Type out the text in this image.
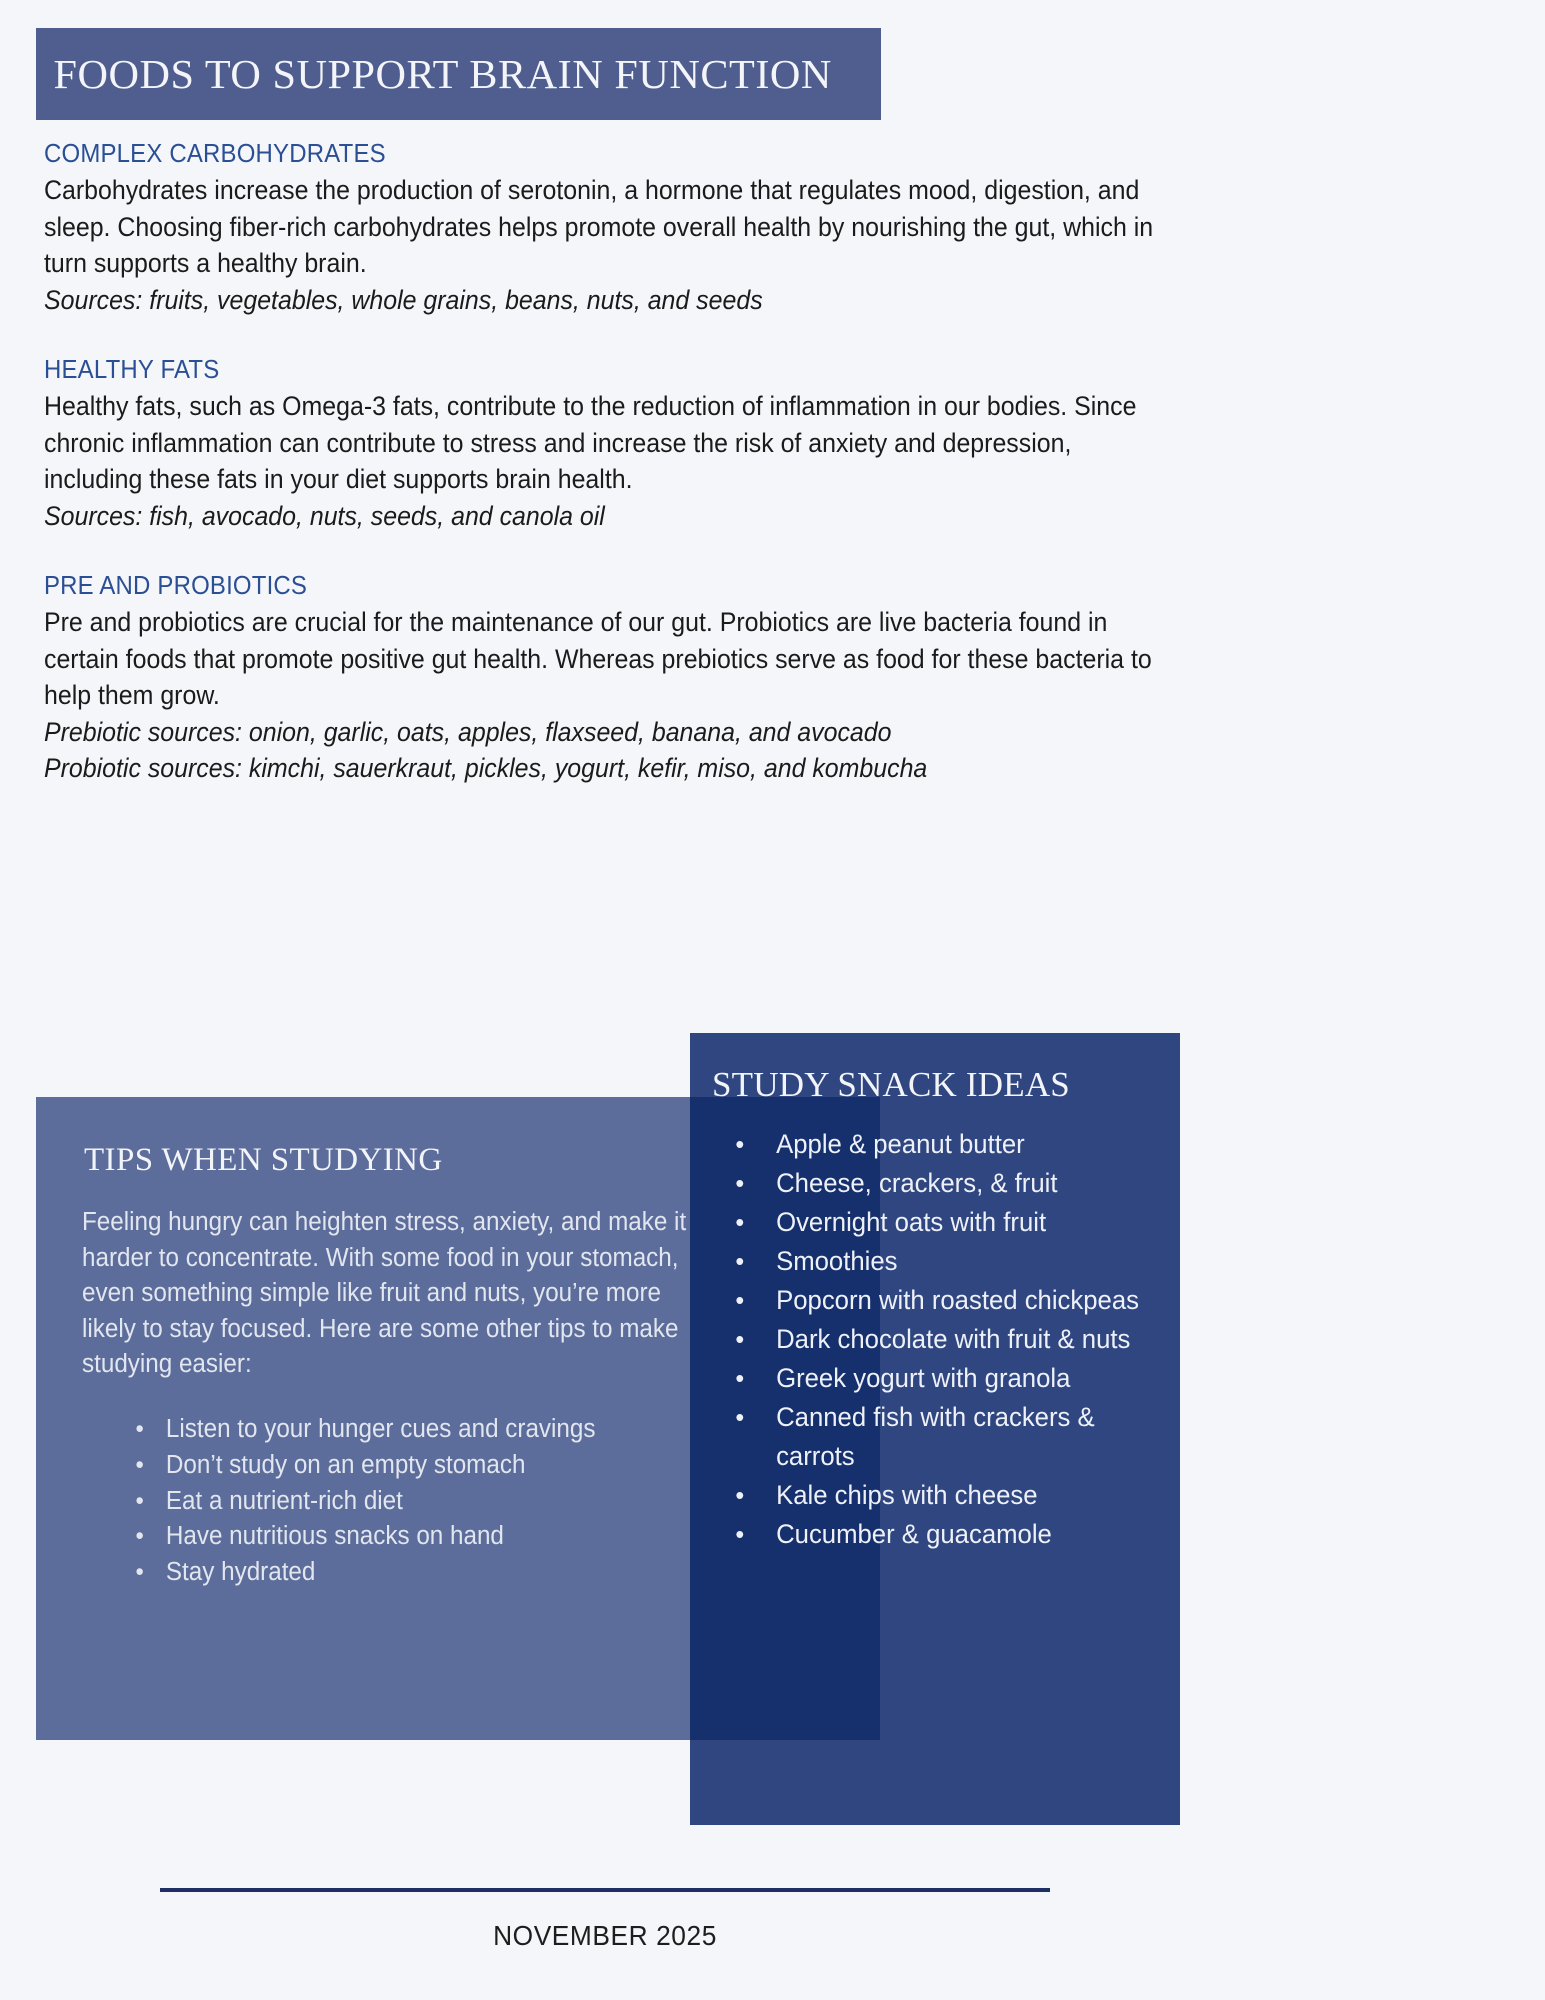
FOODS TO SUPPORT BRAIN FUNCTION
COMPLEX CARBOHYDRATES
Carbohydrates increase the production of serotonin, a hormone that regulates mood, digestion, and sleep. Choosing fiber-rich carbohydrates helps promote overall health by nourishing the gut, which in turn supports a healthy brain.
Sources: fruits, vegetables, whole grains, beans, nuts, and seeds
HEALTHY FATS
Healthy fats, such as Omega-3 fats, contribute to the reduction of inflammation in our bodies. Since chronic inflammation can contribute to stress and increase the risk of anxiety and depression, including these fats in your diet supports brain health.
Sources: fish, avocado, nuts, seeds, and canola oil
PRE AND PROBIOTICS
Pre and probiotics are crucial for the maintenance of our gut. Probiotics are live bacteria found in certain foods that promote positive gut health. Whereas prebiotics serve as food for these bacteria to help them grow.
Prebiotic sources: onion, garlic, oats, apples, flaxseed, banana, and avocado
Probiotic sources: kimchi, sauerkraut, pickles, yogurt, kefir, miso, and kombucha
TIPS WHEN STUDYING
Feeling hungry can heighten stress, anxiety, and make it harder to concentrate. With some food in your stomach, even something simple like fruit and nuts, you’re more likely to stay focused. Here are some other tips to make studying easier:
• Listen to your hunger cues and cravings
• Don’t study on an empty stomach
• Eat a nutrient-rich diet
• Have nutritious snacks on hand
• Stay hydrated
STUDY SNACK IDEAS
• Apple & peanut butter
• Cheese, crackers, & fruit
• Overnight oats with fruit
• Smoothies
• Popcorn with roasted chickpeas
• Dark chocolate with fruit & nuts
• Greek yogurt with granola
• Canned fish with crackers & carrots
• Kale chips with cheese
• Cucumber & guacamole
NOVEMBER 2025
